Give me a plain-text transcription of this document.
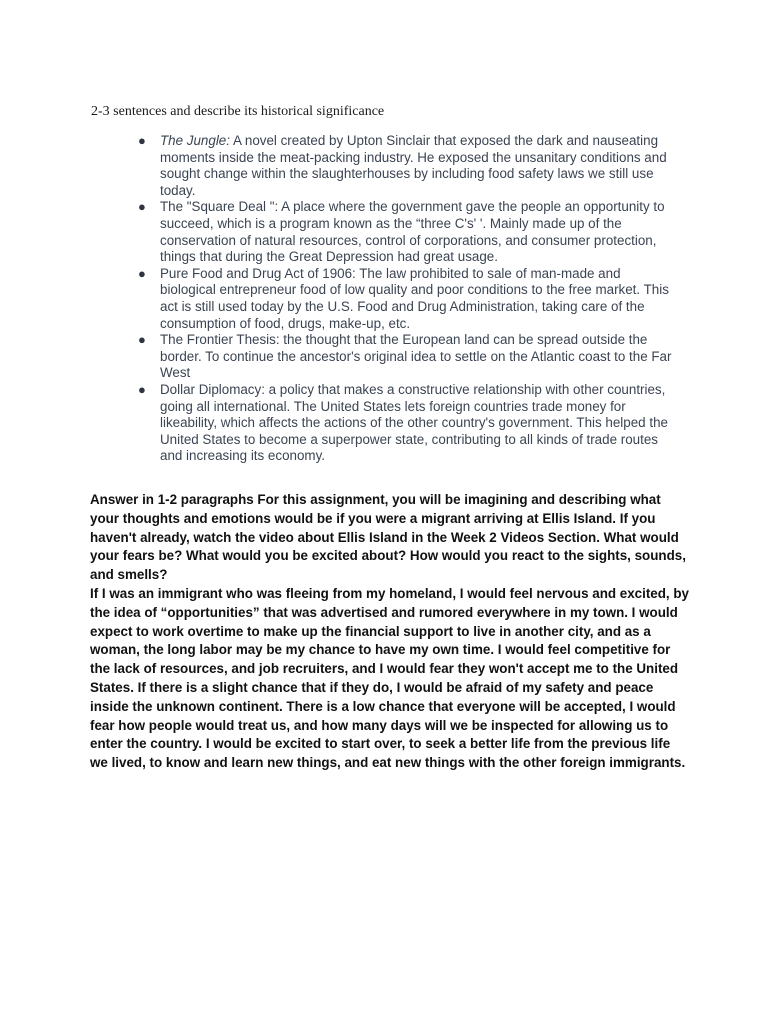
2-3 sentences and describe its historical significance

● The Jungle: A novel created by Upton Sinclair that exposed the dark and nauseating moments inside the meat-packing industry. He exposed the unsanitary conditions and sought change within the slaughterhouses by including food safety laws we still use today.
● The "Square Deal ": A place where the government gave the people an opportunity to succeed, which is a program known as the “three C's' '. Mainly made up of the conservation of natural resources, control of corporations, and consumer protection, things that during the Great Depression had great usage.
● Pure Food and Drug Act of 1906: The law prohibited to sale of man-made and biological entrepreneur food of low quality and poor conditions to the free market. This act is still used today by the U.S. Food and Drug Administration, taking care of the consumption of food, drugs, make-up, etc.
● The Frontier Thesis: the thought that the European land can be spread outside the border. To continue the ancestor's original idea to settle on the Atlantic coast to the Far West
● Dollar Diplomacy: a policy that makes a constructive relationship with other countries, going all international. The United States lets foreign countries trade money for likeability, which affects the actions of the other country's government. This helped the United States to become a superpower state, contributing to all kinds of trade routes and increasing its economy.

Answer in 1-2 paragraphs For this assignment, you will be imagining and describing what your thoughts and emotions would be if you were a migrant arriving at Ellis Island. If you haven't already, watch the video about Ellis Island in the Week 2 Videos Section. What would your fears be? What would you be excited about? How would you react to the sights, sounds, and smells?

If I was an immigrant who was fleeing from my homeland, I would feel nervous and excited, by the idea of “opportunities” that was advertised and rumored everywhere in my town. I would expect to work overtime to make up the financial support to live in another city, and as a woman, the long labor may be my chance to have my own time. I would feel competitive for the lack of resources, and job recruiters, and I would fear they won't accept me to the United States. If there is a slight chance that if they do, I would be afraid of my safety and peace inside the unknown continent. There is a low chance that everyone will be accepted, I would fear how people would treat us, and how many days will we be inspected for allowing us to enter the country. I would be excited to start over, to seek a better life from the previous life we lived, to know and learn new things, and eat new things with the other foreign immigrants.
